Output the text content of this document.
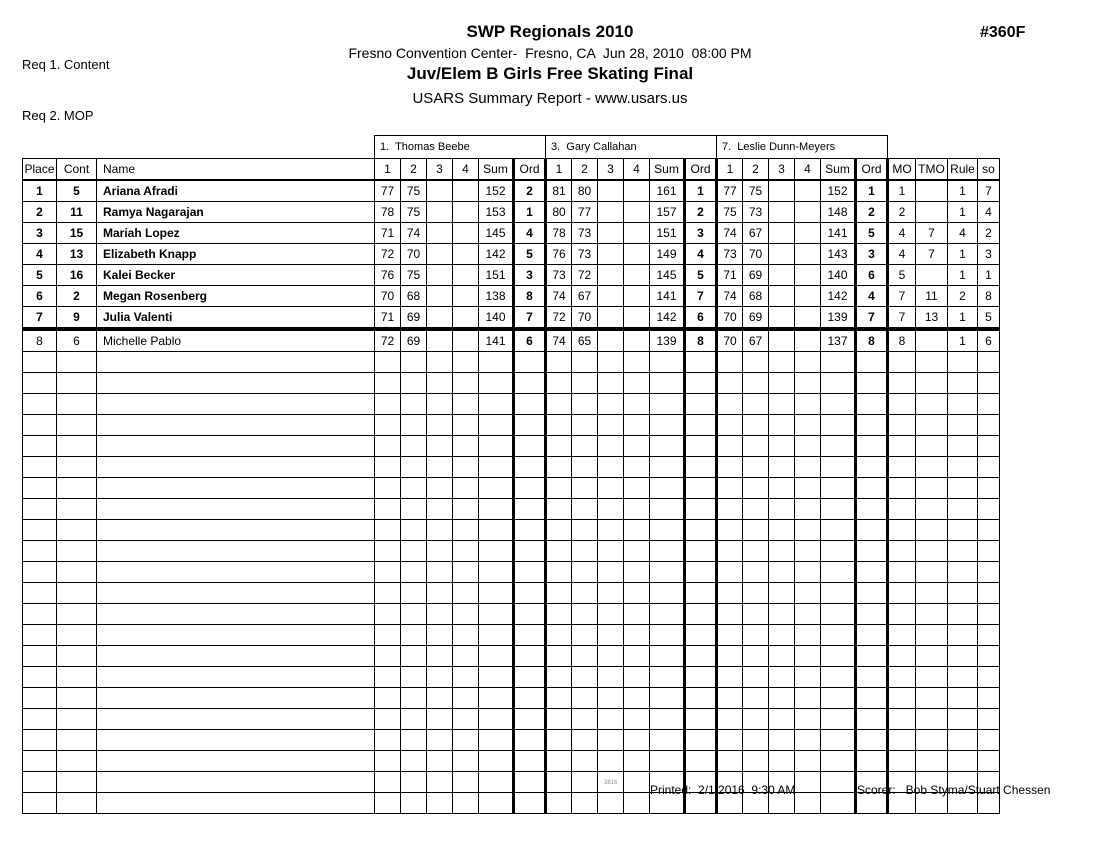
Req 1. Content

Req 2. MOP

SWP Regionals 2010	#360F
Fresno Convention Center-  Fresno, CA  Jun 28, 2010  08:00 PM
Juv/Elem B Girls Free Skating Final
USARS Summary Report - www.usars.us
			1.  Thomas Beebe						3.  Gary Callahan						7.  Leslie Dunn-Meyers									
Place	Cont	Name	1	2	3	4	Sum	Ord	1	2	3	4	Sum	Ord	1	2	3	4	Sum	Ord	MO	TMO	Rule	so
1	5	Ariana Afradi	77	75			152	2	81	80			161	1	77	75			152	1	1		1	7
2	11	Ramya Nagarajan	78	75			153	1	80	77			157	2	75	73			148	2	2		1	4
3	15	Mariah Lopez	71	74			145	4	78	73			151	3	74	67			141	5	4	7	4	2
4	13	Elizabeth Knapp	72	70			142	5	76	73			149	4	73	70			143	3	4	7	1	3
5	16	Kalei Becker	76	75			151	3	73	72			145	5	71	69			140	6	5		1	1
6	2	Megan Rosenberg	70	68			138	8	74	67			141	7	74	68			142	4	7	11	2	8
7	9	Julia Valenti	71	69			140	7	72	70			142	6	70	69			139	7	7	13	1	5
8	6	Michelle Pablo	72	69			141	6	74	65			139	8	70	67			137	8	8		1	6

3816	Printed:  2/1/2016  9:30 AM	Scorer:   Bob Styma/Stuart Chessen
